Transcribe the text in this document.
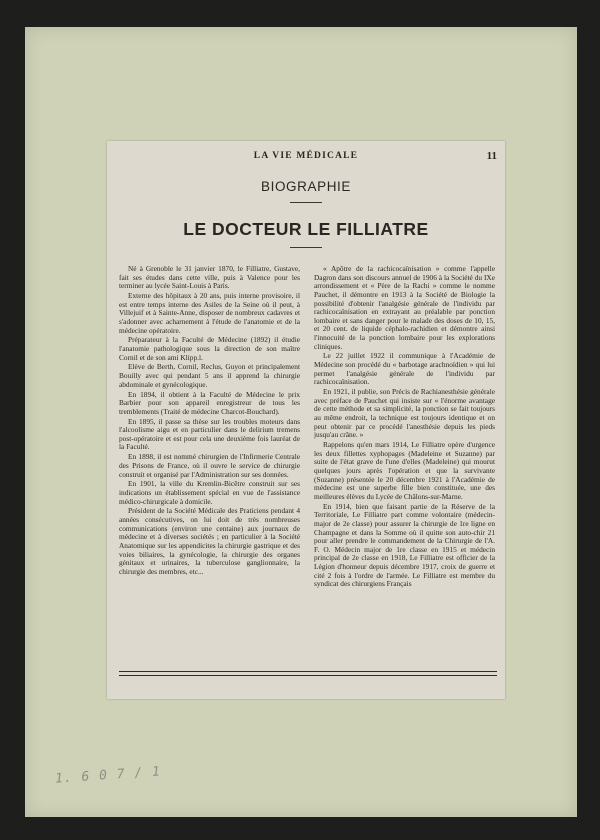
LA VIE MÉDICALE	11
BIOGRAPHIE
LE DOCTEUR LE FILLIATRE

Né à Grenoble le 31 janvier 1870, le Filliatre, Gustave, fait ses études dans cette ville, puis à Valence pour les terminer au lycée Saint-Louis à Paris.

Externe des hôpitaux à 20 ans, puis interne provisoire, il est entre temps interne des Asiles de la Seine où il peut, à Villejuif et à Sainte-Anne, disposer de nombreux cadavres et s'adonner avec acharnement à l'étude de l'anatomie et de la médecine opératoire.

Préparateur à la Faculté de Médecine (1892) il étudie l'anatomie pathologique sous la direction de son maître Cornil et de son ami Klipp.l.

Elève de Berth, Cornil, Reclus, Guyon et principalement Bouilly avec qui pendant 5 ans il apprend la chirurgie abdominale et gynécologique.

En 1894, il obtient à la Faculté de Médecine le prix Barbier pour son appareil enregistreur de tous les tremblements (Traité de médecine Charcot-Bouchard).

En 1895, il passe sa thèse sur les troubles moteurs dans l'alcoolisme aigu et en particulier dans le delirium tremens post-opératoire et est pour cela une deuxième fois lauréat de la Faculté.

En 1898, il est nommé chirurgien de l'Infirmerie Centrale des Prisons de France, où il ouvre le service de chirurgie construit et organisé par l'Administration sur ses données.

En 1901, la ville du Kremlin-Bicêtre construit sur ses indications un établissement spécial en vue de l'assistance médico-chirurgicale à domicile.

Président de la Société Médicale des Praticiens pendant 4 années consécutives, on lui doit de très nombreuses communications (environ une centaine) aux journaux de médecine et à diverses sociétés ; en particulier à la Société Anatomique sur les appendicites la chirurgie gastrique et des voies biliaires, la gynécologie, la chirurgie des organes génitaux et urinaires, la tuberculose ganglionnaire, la chirurgie des membres, etc...

« Apôtre de la rachicocaïnisation » comme l'appelle Dagron dans son discours annuel de 1906 à la Société du IXe arrondissement et « Père de la Rachi » comme le nomme Pauchet, il démontre en 1913 à la Société de Biologie la possibilité d'obtenir l'analgésie générale de l'individu par rachicocaïnisation en extrayant au préalable par ponction lombaire et sans danger pour le malade des doses de 10, 15, et 20 cent. de liquide céphalo-rachidien et démontre ainsi l'innocuité de la ponction lombaire pour les explorations cliniques.

Le 22 juillet 1922 il communique à l'Académie de Médecine son procédé du « barbotage arachnoïdien » qui lui permet l'analgésie générale de l'individu par rachicocaïnisation.

En 1921, il publie, son Précis de Rachianesthésie générale avec préface de Pauchet qui insiste sur « l'énorme avantage de cette méthode et sa simplicité, la ponction se fait toujours au même endroit, la technique est toujours identique et on peut obtenir par ce procédé l'anesthésie depuis les pieds jusqu'au crâne. »

Rappelons qu'en mars 1914, Le Filliatre opère d'urgence les deux fillettes xyphopages (Madeleine et Suzanne) par suite de l'état grave de l'une d'elles (Madeleine) qui mourut quelques jours après l'opération et que la survivante (Suzanne) présentée le 20 décembre 1921 à l'Académie de médecine est une superbe fille bien constituée, une des meilleures élèves du Lycée de Châlons-sur-Marne.

En 1914, bien que faisant partie de la Réserve de la Territoriale, Le Filliatre part comme volontaire (médecin-major de 2e classe) pour assurer la chirurgie de 1re ligne en Champagne et dans la Somme où il quitte son auto-chir 21 pour aller prendre le commandement de la Chirurgie de l'A. F. O. Médecin major de 1re classe en 1915 et médecin principal de 2e classe en 1918, Le Filliatre est officier de la Légion d'honneur depuis décembre 1917, croix de guerre et cité 2 fois à l'ordre de l'armée. Le Filliatre est membre du syndicat des chirurgiens Français

1. 6 0 7 / 1
